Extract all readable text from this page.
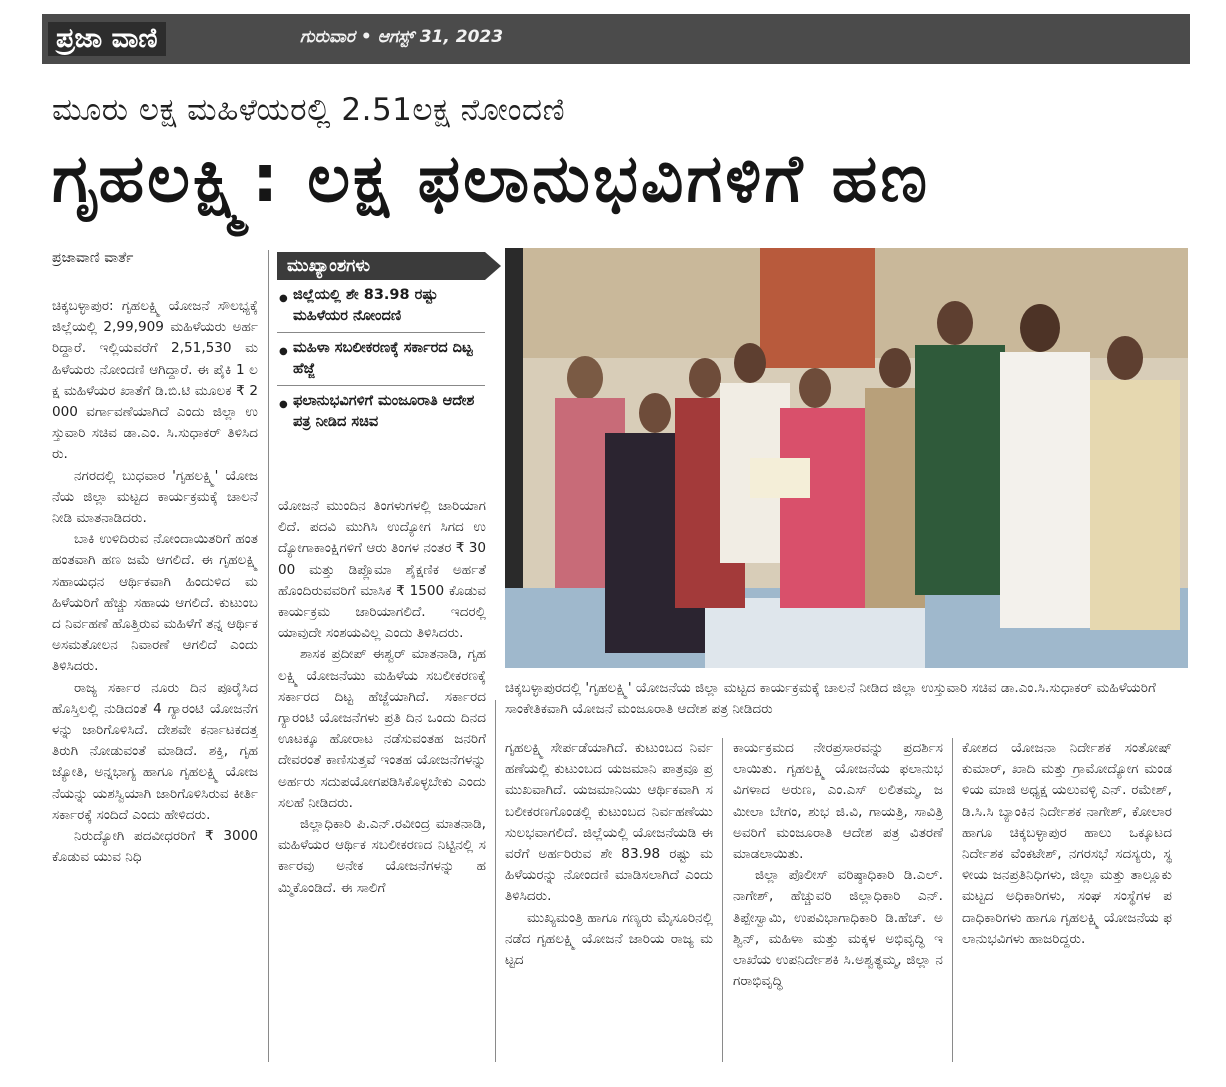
ಪ್ರಜಾ ವಾಣಿ	ಗುರುವಾರ • ಆಗಸ್ಟ್ 31, 2023
ಮೂರು ಲಕ್ಷ ಮಹಿಳೆಯರಲ್ಲಿ 2.51ಲಕ್ಷ ನೋಂದಣಿ
ಗೃಹಲಕ್ಷ್ಮಿ: ಲಕ್ಷ ಫಲಾನುಭವಿಗಳಿಗೆ ಹಣ
ಪ್ರಜಾವಾಣಿ ವಾರ್ತೆ

ಚಿಕ್ಕಬಳ್ಳಾಪುರ: ಗೃಹಲಕ್ಷ್ಮಿ ಯೋಜನೆ ಸೌಲಭ್ಯಕ್ಕೆ ಜಿಲ್ಲೆಯಲ್ಲಿ 2,99,909 ಮಹಿಳೆಯರು ಅರ್ಹರಿದ್ದಾರೆ. ಇಲ್ಲಿಯವರೆಗೆ 2,51,530 ಮಹಿಳೆಯರು ನೋಂದಣಿ ಆಗಿದ್ದಾರೆ. ಈ ಪೈಕಿ 1 ಲಕ್ಷ ಮಹಿಳೆಯರ ಖಾತೆಗೆ ಡಿ.ಬಿ.ಟಿ ಮೂಲಕ ₹ 2000 ವರ್ಗಾವಣೆಯಾಗಿದೆ ಎಂದು ಜಿಲ್ಲಾ ಉಸ್ತುವಾರಿ ಸಚಿವ ಡಾ.ಎಂ. ಸಿ.ಸುಧಾಕರ್ ತಿಳಿಸಿದರು.

ನಗರದಲ್ಲಿ ಬುಧವಾರ 'ಗೃಹಲಕ್ಷ್ಮಿ' ಯೋಜನೆಯ ಜಿಲ್ಲಾ ಮಟ್ಟದ ಕಾರ್ಯಕ್ರಮಕ್ಕೆ ಚಾಲನೆ ನೀಡಿ ಮಾತನಾಡಿದರು.

ಬಾಕಿ ಉಳಿದಿರುವ ನೋಂದಾಯಿತರಿಗೆ ಹಂತ ಹಂತವಾಗಿ ಹಣ ಜಮೆ ಆಗಲಿದೆ. ಈ ಗೃಹಲಕ್ಷ್ಮಿ ಸಹಾಯಧನ ಆರ್ಥಿಕವಾಗಿ ಹಿಂದುಳಿದ ಮಹಿಳೆಯರಿಗೆ ಹೆಚ್ಚು ಸಹಾಯ ಆಗಲಿದೆ. ಕುಟುಂಬದ ನಿರ್ವಹಣೆ ಹೊತ್ತಿರುವ ಮಹಿಳೆಗೆ ತನ್ನ ಆರ್ಥಿಕ ಅಸಮತೋಲನ ನಿವಾರಣೆ ಆಗಲಿದೆ ಎಂದು ತಿಳಿಸಿದರು.

ರಾಜ್ಯ ಸರ್ಕಾರ ನೂರು ದಿನ ಪೂರೈಸಿದ ಹೊಸ್ತಿಲಲ್ಲಿ ನುಡಿದಂತೆ 4 ಗ್ಯಾರಂಟಿ ಯೋಜನೆಗಳನ್ನು ಜಾರಿಗೊಳಿಸಿದೆ. ದೇಶವೇ ಕರ್ನಾಟಕದತ್ತ ತಿರುಗಿ ನೋಡುವಂತೆ ಮಾಡಿದೆ. ಶಕ್ತಿ, ಗೃಹಜ್ಯೋತಿ, ಅನ್ನಭಾಗ್ಯ ಹಾಗೂ ಗೃಹಲಕ್ಷ್ಮಿ ಯೋಜನೆಯನ್ನು ಯಶಸ್ವಿಯಾಗಿ ಜಾರಿಗೊಳಿಸಿರುವ ಕೀರ್ತಿ ಸರ್ಕಾರಕ್ಕೆ ಸಂದಿದೆ ಎಂದು ಹೇಳಿದರು.

ನಿರುದ್ಯೋಗಿ ಪದವೀಧರರಿಗೆ ₹ 3000 ಕೊಡುವ ಯುವ ನಿಧಿ

ಮುಖ್ಯಾಂಶಗಳು
● ಜಿಲ್ಲೆಯಲ್ಲಿ ಶೇ 83.98 ರಷ್ಟು ಮಹಿಳೆಯರ ನೋಂದಣಿ
● ಮಹಿಳಾ ಸಬಲೀಕರಣಕ್ಕೆ ಸರ್ಕಾರದ ದಿಟ್ಟ ಹೆಜ್ಜೆ
● ಫಲಾನುಭವಿಗಳಿಗೆ ಮಂಜೂರಾತಿ ಆದೇಶ ಪತ್ರ ನೀಡಿದ ಸಚಿವ

ಯೋಜನೆ ಮುಂದಿನ ತಿಂಗಳುಗಳಲ್ಲಿ ಜಾರಿಯಾಗಲಿದೆ. ಪದವಿ ಮುಗಿಸಿ ಉದ್ಯೋಗ ಸಿಗದ ಉದ್ಯೋಗಾಕಾಂಕ್ಷಿಗಳಿಗೆ ಆರು ತಿಂಗಳ ನಂತರ ₹ 3000 ಮತ್ತು ಡಿಪ್ಲೊಮಾ ಶೈಕ್ಷಣಿಕ ಅರ್ಹತೆ ಹೊಂದಿರುವವರಿಗೆ ಮಾಸಿಕ ₹ 1500 ಕೊಡುವ ಕಾರ್ಯಕ್ರಮ ಜಾರಿಯಾಗಲಿದೆ. ಇದರಲ್ಲಿ ಯಾವುದೇ ಸಂಶಯವಿಲ್ಲ ಎಂದು ತಿಳಿಸಿದರು.

ಶಾಸಕ ಪ್ರದೀಪ್ ಈಶ್ವರ್ ಮಾತನಾಡಿ, ಗೃಹಲಕ್ಷ್ಮಿ ಯೋಜನೆಯು ಮಹಿಳೆಯ ಸಬಲೀಕರಣಕ್ಕೆ ಸರ್ಕಾರದ ದಿಟ್ಟ ಹೆಜ್ಜೆಯಾಗಿದೆ. ಸರ್ಕಾರದ ಗ್ಯಾರಂಟಿ ಯೋಜನೆಗಳು ಪ್ರತಿ ದಿನ ಒಂದು ದಿನದ ಊಟಕ್ಕೂ ಹೋರಾಟ ನಡೆಸುವಂತಹ ಜನರಿಗೆ ದೇವರಂತೆ ಕಾಣಿಸುತ್ತವೆ ಇಂತಹ ಯೋಜನೆಗಳನ್ನು ಅರ್ಹರು ಸದುಪಯೋಗಪಡಿಸಿಕೊಳ್ಳಬೇಕು ಎಂದು ಸಲಹೆ ನೀಡಿದರು.

ಜಿಲ್ಲಾಧಿಕಾರಿ ಪಿ.ಎನ್.ರವೀಂದ್ರ ಮಾತನಾಡಿ, ಮಹಿಳೆಯರ ಆರ್ಥಿಕ ಸಬಲೀಕರಣದ ನಿಟ್ಟಿನಲ್ಲಿ ಸರ್ಕಾರವು ಅನೇಕ ಯೋಜನೆಗಳನ್ನು ಹಮ್ಮಿಕೊಂಡಿದೆ. ಈ ಸಾಲಿಗೆ

ಚಿಕ್ಕಬಳ್ಳಾಪುರದಲ್ಲಿ 'ಗೃಹಲಕ್ಷ್ಮಿ' ಯೋಜನೆಯ ಜಿಲ್ಲಾ ಮಟ್ಟದ ಕಾರ್ಯಕ್ರಮಕ್ಕೆ ಚಾಲನೆ ನೀಡಿದ ಜಿಲ್ಲಾ ಉಸ್ತುವಾರಿ ಸಚಿವ ಡಾ.ಎಂ.ಸಿ.ಸುಧಾಕರ್ ಮಹಿಳೆಯರಿಗೆ ಸಾಂಕೇತಿಕವಾಗಿ ಯೋಜನೆ ಮಂಜೂರಾತಿ ಆದೇಶ ಪತ್ರ ನೀಡಿದರು

ಗೃಹಲಕ್ಷ್ಮಿ ಸೇರ್ಪಡೆಯಾಗಿದೆ. ಕುಟುಂಬದ ನಿರ್ವಹಣೆಯಲ್ಲಿ ಕುಟುಂಬದ ಯಜಮಾನಿ ಪಾತ್ರವೂ ಪ್ರಮುಖವಾಗಿದೆ. ಯಜಮಾನಿಯು ಆರ್ಥಿಕವಾಗಿ ಸಬಲೀಕರಣಗೊಂಡಲ್ಲಿ ಕುಟುಂಬದ ನಿರ್ವಹಣೆಯು ಸುಲಭವಾಗಲಿದೆ. ಜಿಲ್ಲೆಯಲ್ಲಿ ಯೋಜನೆಯಡಿ ಈ ವರೆಗೆ ಅರ್ಹರಿರುವ ಶೇ 83.98 ರಷ್ಟು ಮಹಿಳೆಯರನ್ನು ನೋಂದಣಿ ಮಾಡಿಸಲಾಗಿದೆ ಎಂದು ತಿಳಿಸಿದರು.

ಮುಖ್ಯಮಂತ್ರಿ ಹಾಗೂ ಗಣ್ಯರು ಮೈಸೂರಿನಲ್ಲಿ ನಡೆದ ಗೃಹಲಕ್ಷ್ಮಿ ಯೋಜನೆ ಜಾರಿಯ ರಾಜ್ಯ ಮಟ್ಟದ

ಕಾರ್ಯಕ್ರಮದ ನೇರಪ್ರಸಾರವನ್ನು ಪ್ರದರ್ಶಿಸಲಾಯಿತು. ಗೃಹಲಕ್ಷ್ಮಿ ಯೋಜನೆಯ ಫಲಾನುಭವಿಗಳಾದ ಅರುಣ, ಎಂ.ಎಸ್ ಲಲಿತಮ್ಮ, ಜಮೀಲಾ ಬೇಗಂ, ಶುಭ ಜಿ.ವಿ, ಗಾಯತ್ರಿ, ಸಾವಿತ್ರಿ ಅವರಿಗೆ ಮಂಜೂರಾತಿ ಆದೇಶ ಪತ್ರ ವಿತರಣೆ ಮಾಡಲಾಯಿತು.

ಜಿಲ್ಲಾ ಪೊಲೀಸ್ ವರಿಷ್ಠಾಧಿಕಾರಿ ಡಿ.ಎಲ್.ನಾಗೇಶ್, ಹೆಚ್ಚುವರಿ ಜಿಲ್ಲಾಧಿಕಾರಿ ಎನ್.ತಿಪ್ಪೇಸ್ವಾಮಿ, ಉಪವಿಭಾಗಾಧಿಕಾರಿ ಡಿ.ಹೆಚ್. ಅಶ್ವಿನ್, ಮಹಿಳಾ ಮತ್ತು ಮಕ್ಕಳ ಅಭಿವೃದ್ಧಿ ಇಲಾಖೆಯ ಉಪನಿರ್ದೇಶಕಿ ಸಿ.ಅಶ್ವತ್ಥಮ್ಮ, ಜಿಲ್ಲಾ ನಗರಾಭಿವೃದ್ಧಿ

ಕೋಶದ ಯೋಜನಾ ನಿರ್ದೇಶಕ ಸಂತೋಷ್ ಕುಮಾರ್, ಖಾದಿ ಮತ್ತು ಗ್ರಾಮೋದ್ಯೋಗ ಮಂಡಳಿಯ ಮಾಜಿ ಅಧ್ಯಕ್ಷ ಯಲುವಳ್ಳಿ ಎನ್. ರಮೇಶ್, ಡಿ.ಸಿ.ಸಿ ಬ್ಯಾಂಕಿನ ನಿರ್ದೇಶಕ ನಾಗೇಶ್, ಕೋಲಾರ ಹಾಗೂ ಚಿಕ್ಕಬಳ್ಳಾಪುರ ಹಾಲು ಒಕ್ಕೂಟದ ನಿರ್ದೇಶಕ ವೆಂಕಟೇಶ್, ನಗರಸಭೆ ಸದಸ್ಯರು, ಸ್ಥಳೀಯ ಜನಪ್ರತಿನಿಧಿಗಳು, ಜಿಲ್ಲಾ ಮತ್ತು ತಾಲ್ಲೂಕು ಮಟ್ಟದ ಅಧಿಕಾರಿಗಳು, ಸಂಘ ಸಂಸ್ಥೆಗಳ ಪದಾಧಿಕಾರಿಗಳು ಹಾಗೂ ಗೃಹಲಕ್ಷ್ಮಿ ಯೋಜನೆಯ ಫಲಾನುಭವಿಗಳು ಹಾಜರಿದ್ದರು.
